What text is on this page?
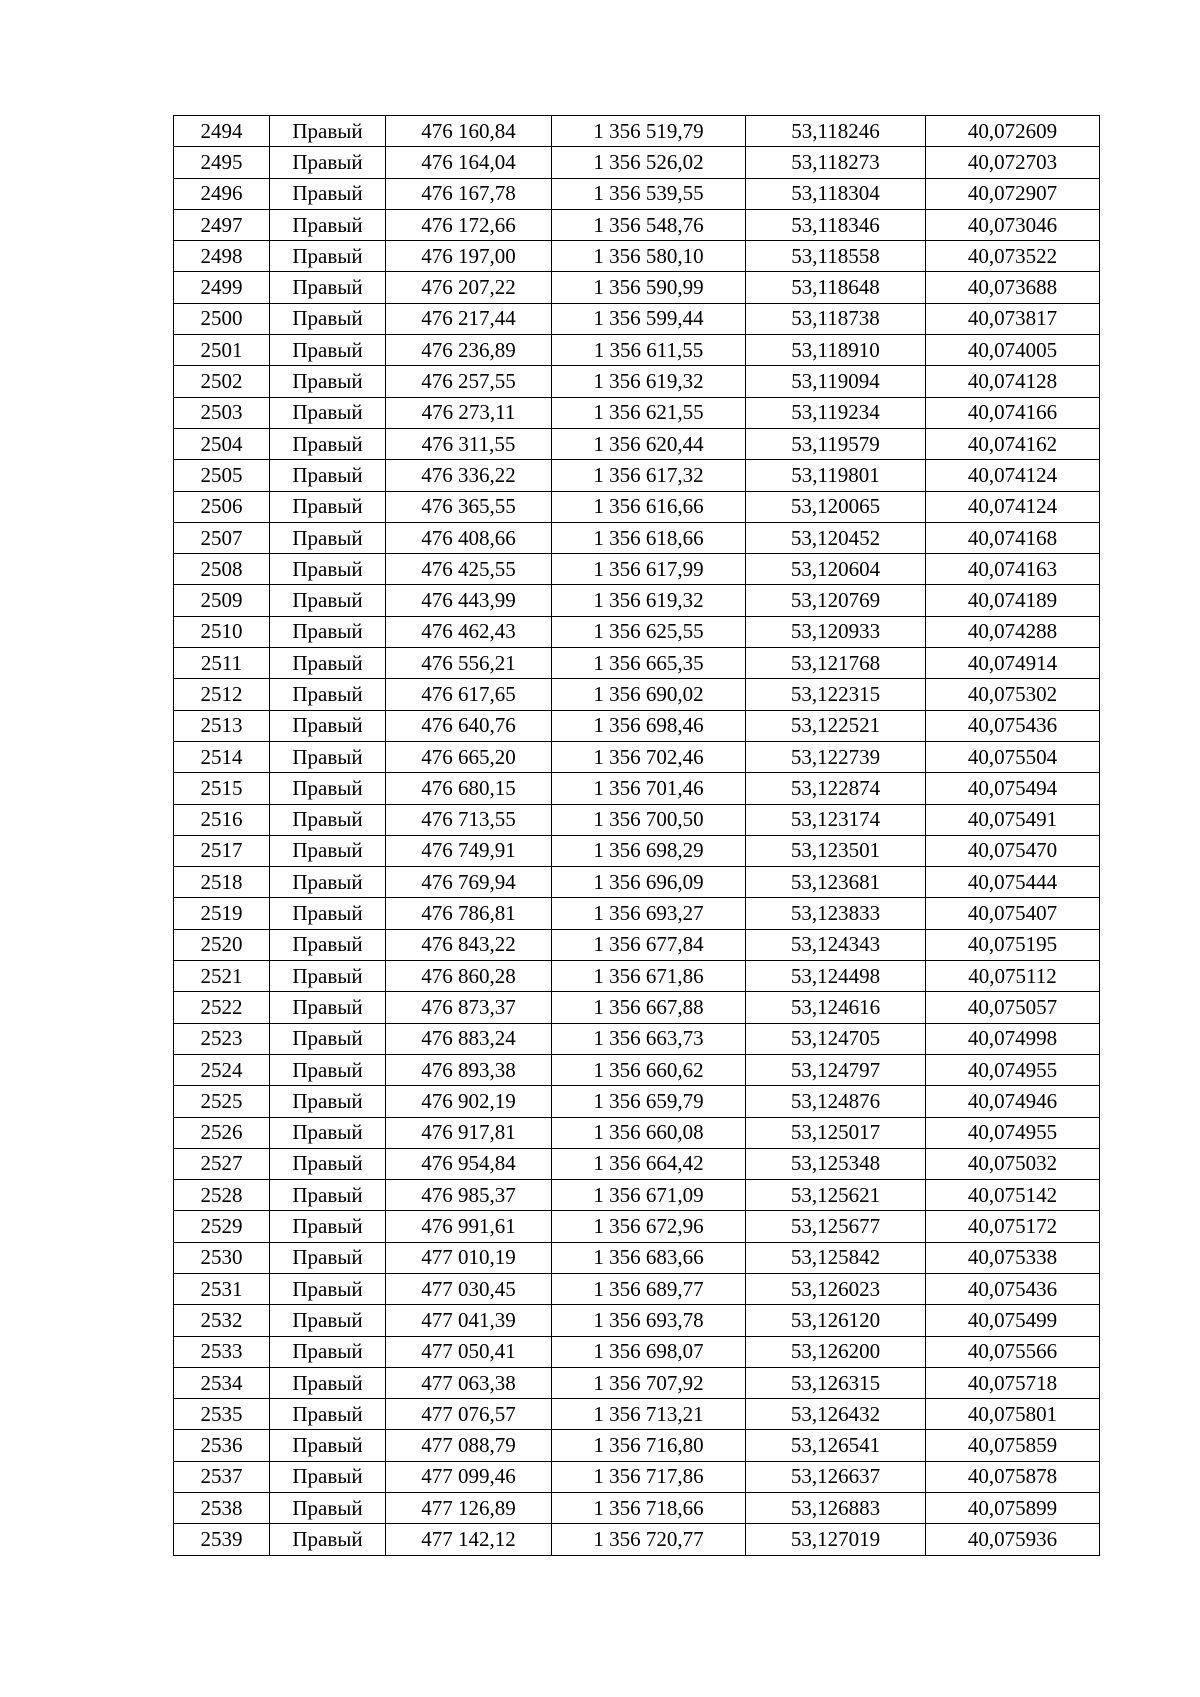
2494	Правый	476 160,84	1 356 519,79	53,118246	40,072609
2495	Правый	476 164,04	1 356 526,02	53,118273	40,072703
2496	Правый	476 167,78	1 356 539,55	53,118304	40,072907
2497	Правый	476 172,66	1 356 548,76	53,118346	40,073046
2498	Правый	476 197,00	1 356 580,10	53,118558	40,073522
2499	Правый	476 207,22	1 356 590,99	53,118648	40,073688
2500	Правый	476 217,44	1 356 599,44	53,118738	40,073817
2501	Правый	476 236,89	1 356 611,55	53,118910	40,074005
2502	Правый	476 257,55	1 356 619,32	53,119094	40,074128
2503	Правый	476 273,11	1 356 621,55	53,119234	40,074166
2504	Правый	476 311,55	1 356 620,44	53,119579	40,074162
2505	Правый	476 336,22	1 356 617,32	53,119801	40,074124
2506	Правый	476 365,55	1 356 616,66	53,120065	40,074124
2507	Правый	476 408,66	1 356 618,66	53,120452	40,074168
2508	Правый	476 425,55	1 356 617,99	53,120604	40,074163
2509	Правый	476 443,99	1 356 619,32	53,120769	40,074189
2510	Правый	476 462,43	1 356 625,55	53,120933	40,074288
2511	Правый	476 556,21	1 356 665,35	53,121768	40,074914
2512	Правый	476 617,65	1 356 690,02	53,122315	40,075302
2513	Правый	476 640,76	1 356 698,46	53,122521	40,075436
2514	Правый	476 665,20	1 356 702,46	53,122739	40,075504
2515	Правый	476 680,15	1 356 701,46	53,122874	40,075494
2516	Правый	476 713,55	1 356 700,50	53,123174	40,075491
2517	Правый	476 749,91	1 356 698,29	53,123501	40,075470
2518	Правый	476 769,94	1 356 696,09	53,123681	40,075444
2519	Правый	476 786,81	1 356 693,27	53,123833	40,075407
2520	Правый	476 843,22	1 356 677,84	53,124343	40,075195
2521	Правый	476 860,28	1 356 671,86	53,124498	40,075112
2522	Правый	476 873,37	1 356 667,88	53,124616	40,075057
2523	Правый	476 883,24	1 356 663,73	53,124705	40,074998
2524	Правый	476 893,38	1 356 660,62	53,124797	40,074955
2525	Правый	476 902,19	1 356 659,79	53,124876	40,074946
2526	Правый	476 917,81	1 356 660,08	53,125017	40,074955
2527	Правый	476 954,84	1 356 664,42	53,125348	40,075032
2528	Правый	476 985,37	1 356 671,09	53,125621	40,075142
2529	Правый	476 991,61	1 356 672,96	53,125677	40,075172
2530	Правый	477 010,19	1 356 683,66	53,125842	40,075338
2531	Правый	477 030,45	1 356 689,77	53,126023	40,075436
2532	Правый	477 041,39	1 356 693,78	53,126120	40,075499
2533	Правый	477 050,41	1 356 698,07	53,126200	40,075566
2534	Правый	477 063,38	1 356 707,92	53,126315	40,075718
2535	Правый	477 076,57	1 356 713,21	53,126432	40,075801
2536	Правый	477 088,79	1 356 716,80	53,126541	40,075859
2537	Правый	477 099,46	1 356 717,86	53,126637	40,075878
2538	Правый	477 126,89	1 356 718,66	53,126883	40,075899
2539	Правый	477 142,12	1 356 720,77	53,127019	40,075936
